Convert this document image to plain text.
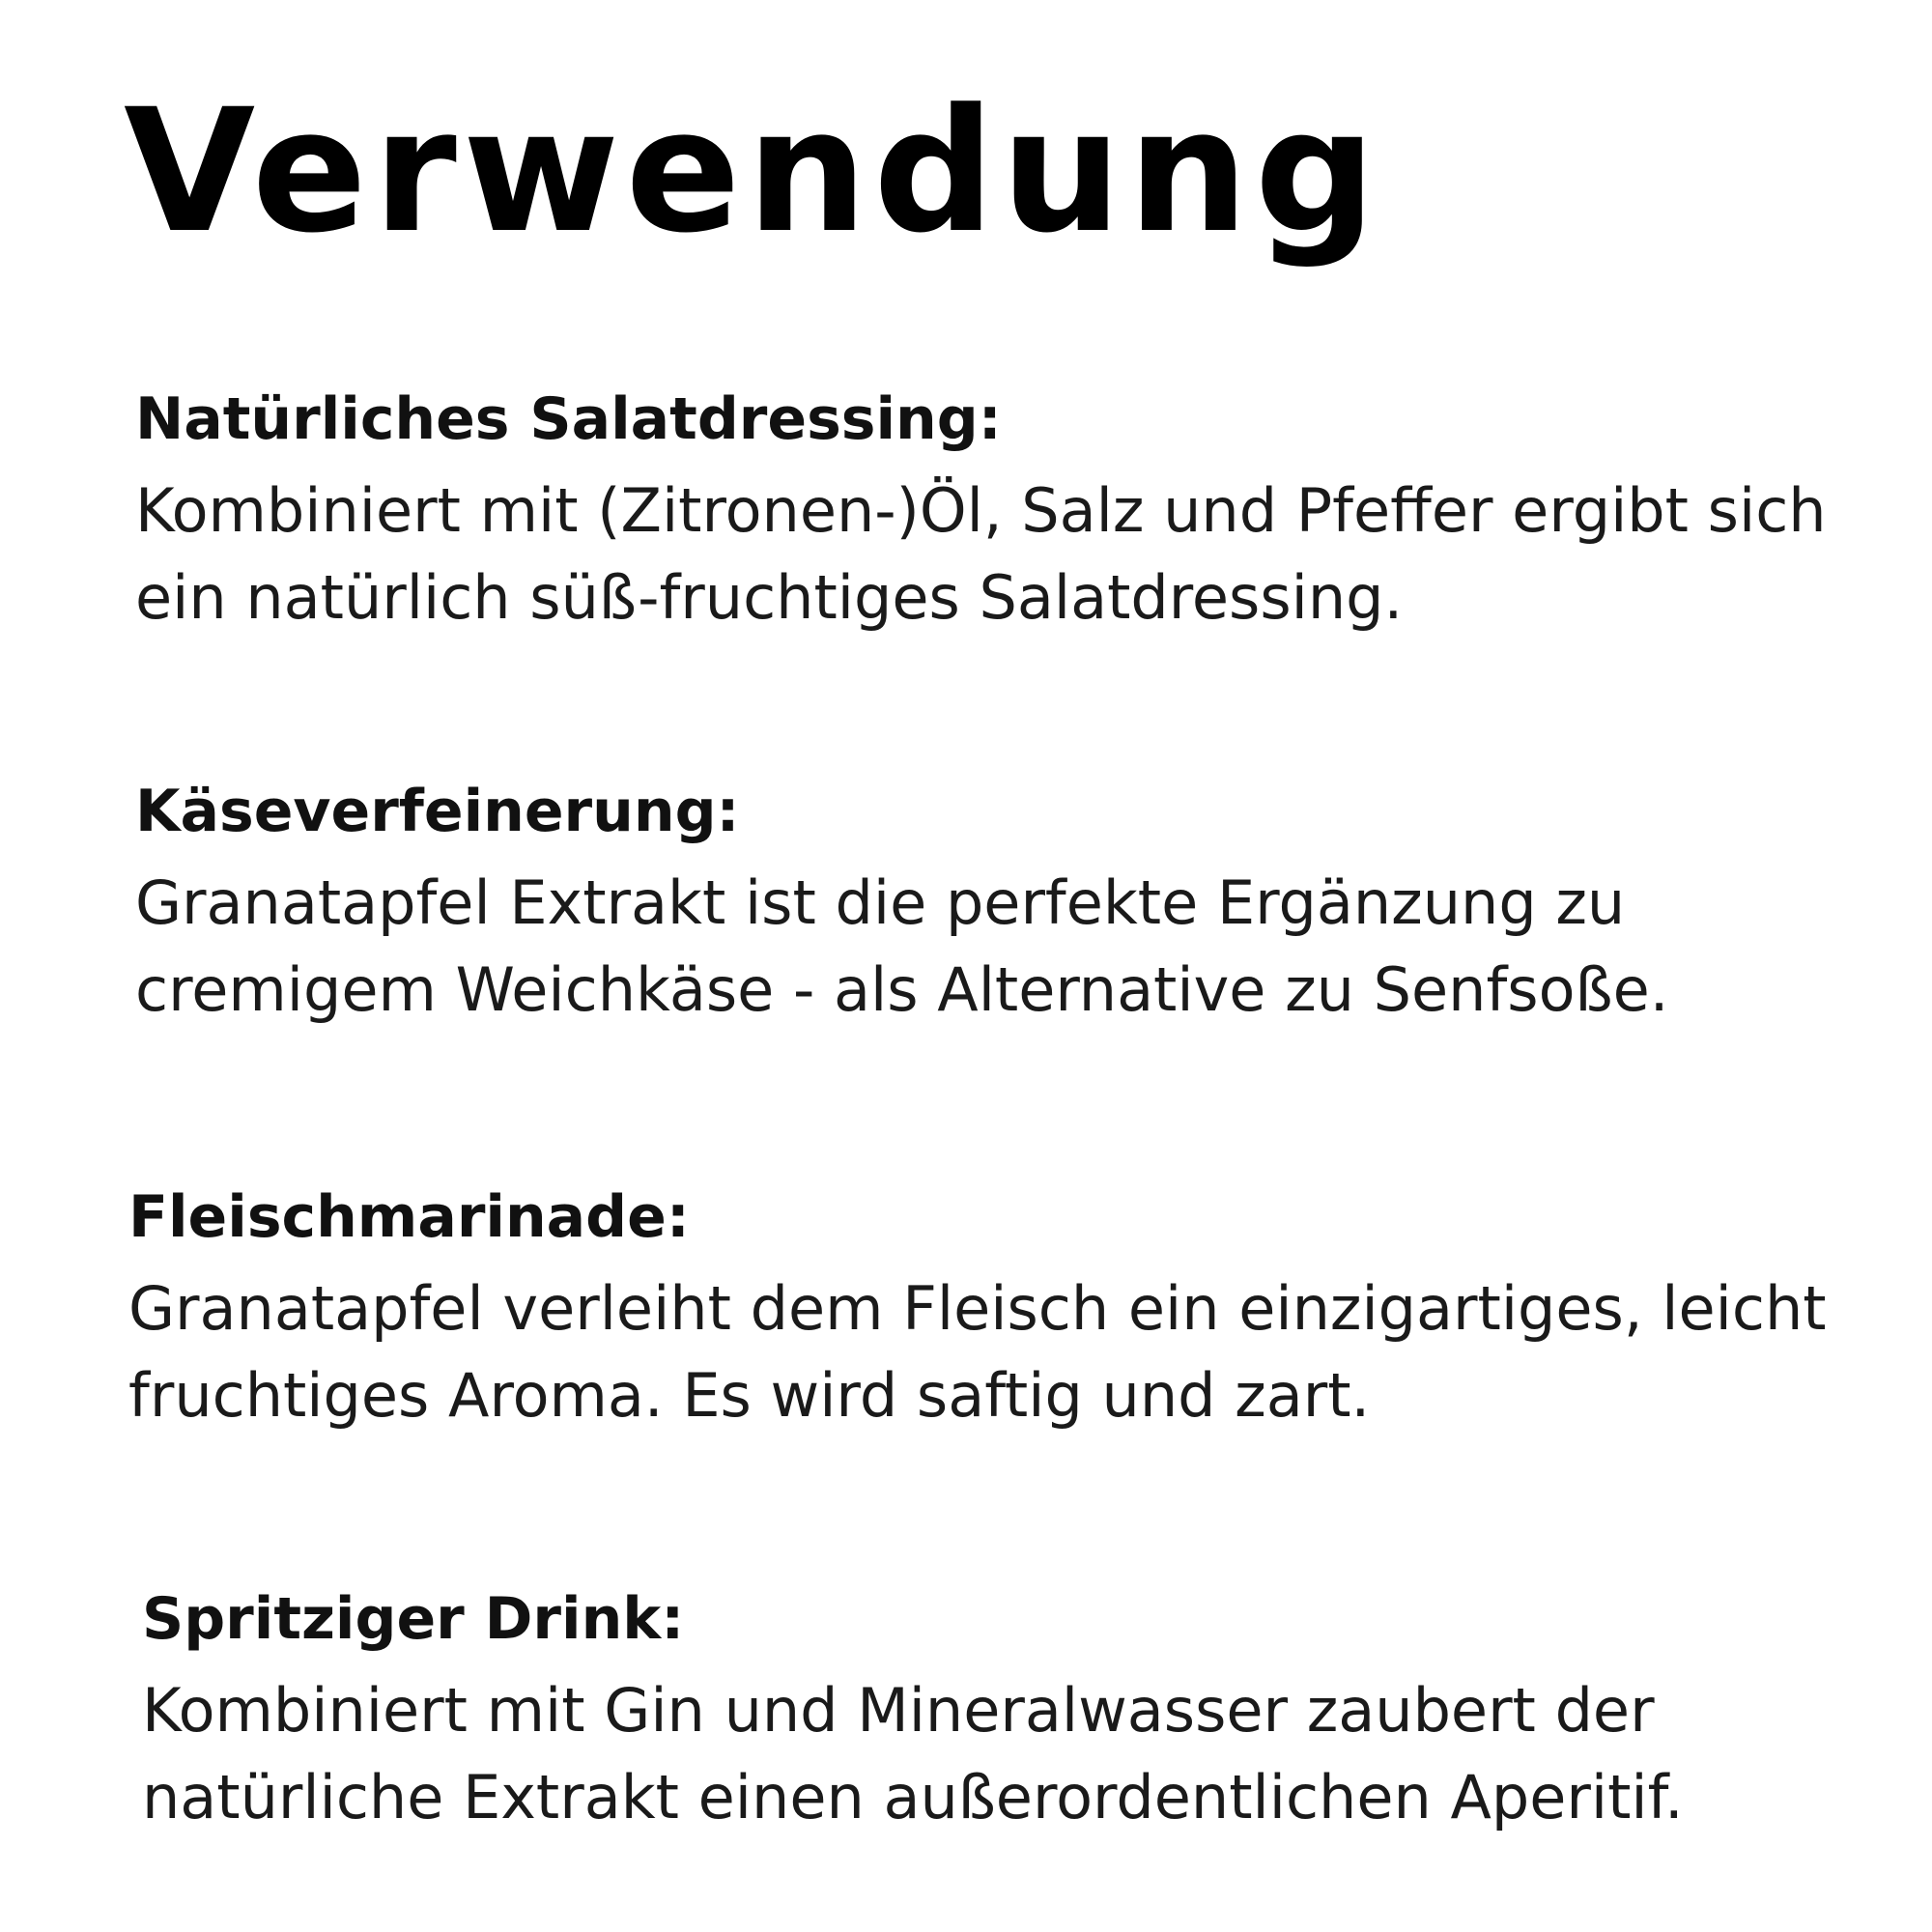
Verwendung
Natürliches Salatdressing:

Kombiniert mit (Zitronen-)Öl, Salz und Pfeffer ergibt sich
ein natürlich süß-fruchtiges Salatdressing.

Käseverfeinerung:

Granatapfel Extrakt ist die perfekte Ergänzung zu
cremigem Weichkäse - als Alternative zu Senfsoße.

Fleischmarinade:

Granatapfel verleiht dem Fleisch ein einzigartiges, leicht
fruchtiges Aroma. Es wird saftig und zart.

Spritziger Drink:

Kombiniert mit Gin und Mineralwasser zaubert der
natürliche Extrakt einen außerordentlichen Aperitif.
